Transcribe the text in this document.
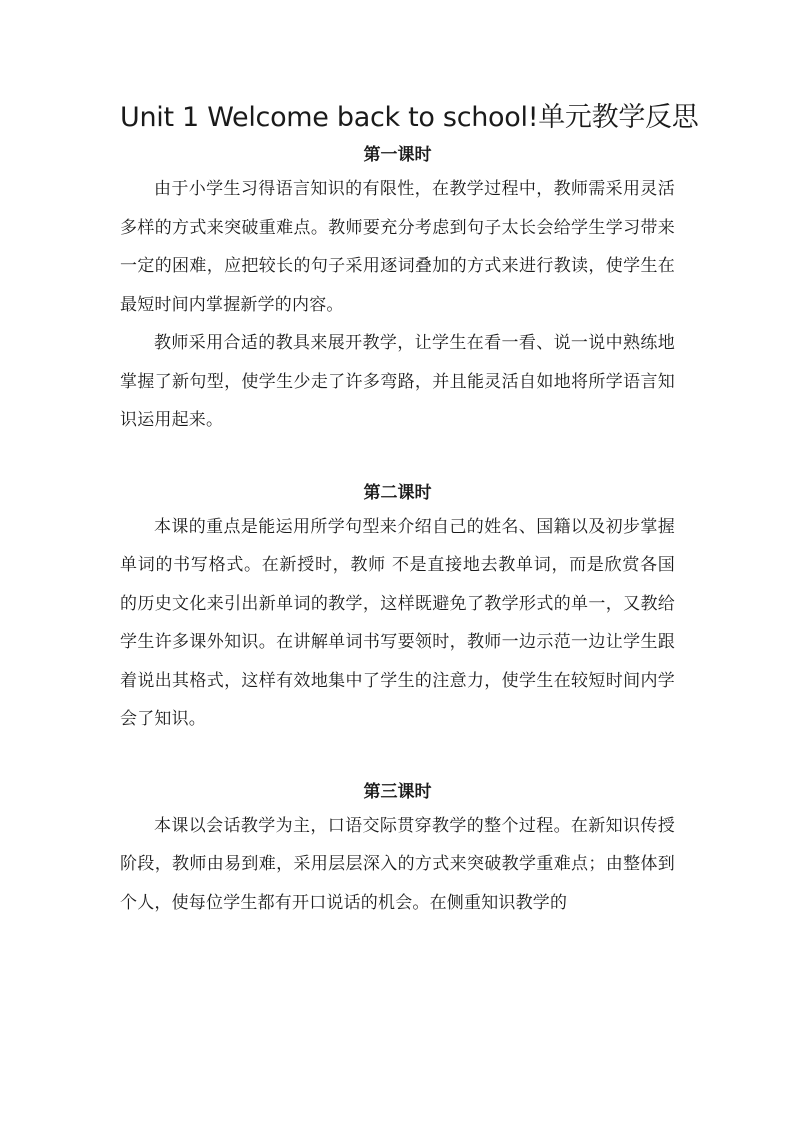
Unit 1 Welcome back to school!单元教学反思
第一课时

由于小学生习得语言知识的有限性，在教学过程中，教师需采用灵活多样的方式来突破重难点。教师要充分考虑到句子太长会给学生学习带来一定的困难，应把较长的句子采用逐词叠加的方式来进行教读，使学生在最短时间内掌握新学的内容。

教师采用合适的教具来展开教学，让学生在看一看、说一说中熟练地掌握了新句型，使学生少走了许多弯路，并且能灵活自如地将所学语言知识运用起来。

第二课时

本课的重点是能运用所学句型来介绍自己的姓名、国籍以及初步掌握单词的书写格式。在新授时，教师 不是直接地去教单词，而是欣赏各国的历史文化来引出新单词的教学，这样既避免了教学形式的单一，又教给学生许多课外知识。在讲解单词书写要领时，教师一边示范一边让学生跟着说出其格式，这样有效地集中了学生的注意力，使学生在较短时间内学会了知识。

第三课时

本课以会话教学为主，口语交际贯穿教学的整个过程。在新知识传授阶段，教师由易到难，采用层层深入的方式来突破教学重难点；由整体到个人，使每位学生都有开口说话的机会。在侧重知识教学的
